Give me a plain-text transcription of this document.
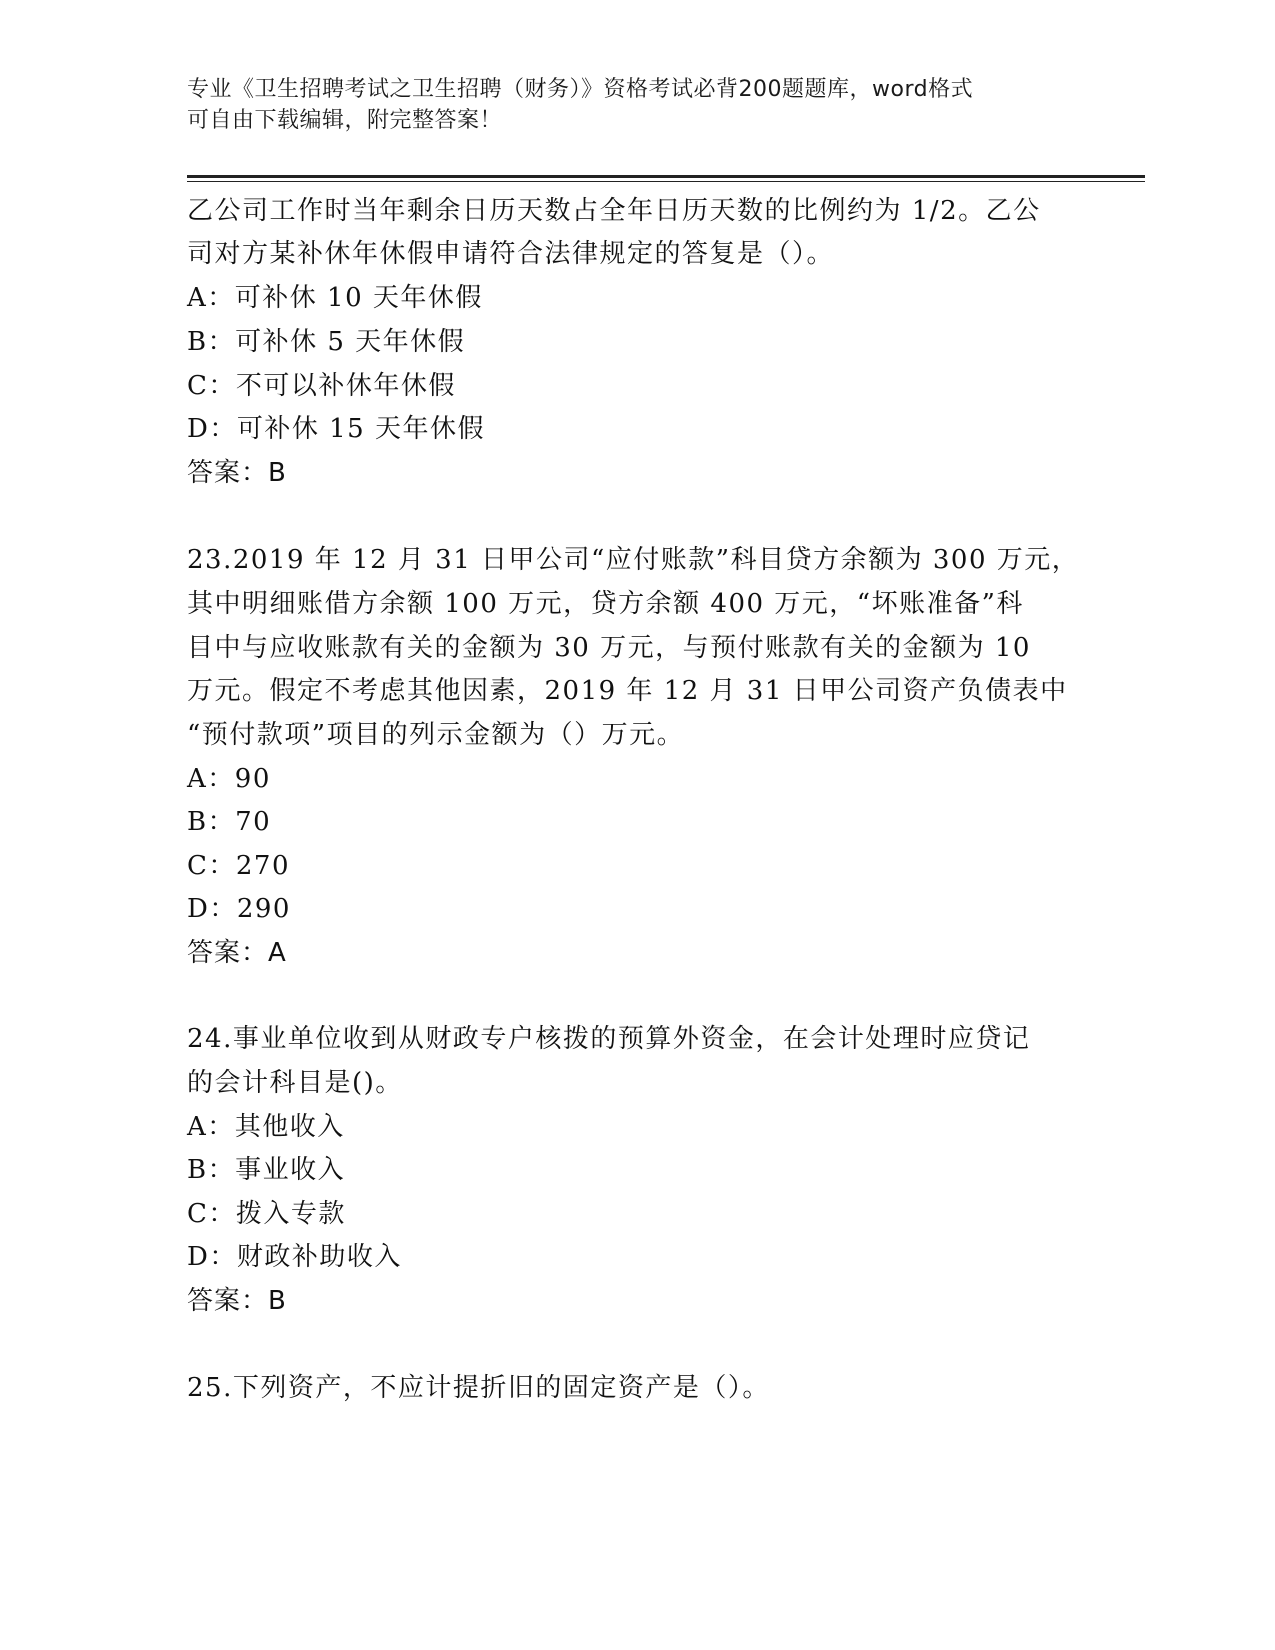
专业《卫生招聘考试之卫生招聘（财务）》资格考试必背200题题库，word格式
可自由下载编辑，附完整答案！
乙公司工作时当年剩余日历天数占全年日历天数的比例约为 1/2。乙公
司对方某补休年休假申请符合法律规定的答复是（）。
A：可补休 10 天年休假
B：可补休 5 天年休假
C：不可以补休年休假
D：可补休 15 天年休假
答案：B
23.2019 年 12 月 31 日甲公司“应付账款”科目贷方余额为 300 万元，
其中明细账借方余额 100 万元，贷方余额 400 万元，“坏账准备”科
目中与应收账款有关的金额为 30 万元，与预付账款有关的金额为 10
万元。假定不考虑其他因素，2019 年 12 月 31 日甲公司资产负债表中
“预付款项”项目的列示金额为（）万元。
A：90
B：70
C：270
D：290
答案：A
24.事业单位收到从财政专户核拨的预算外资金，在会计处理时应贷记
的会计科目是()。
A：其他收入
B：事业收入
C：拨入专款
D：财政补助收入
答案：B
25.下列资产，不应计提折旧的固定资产是（）。
